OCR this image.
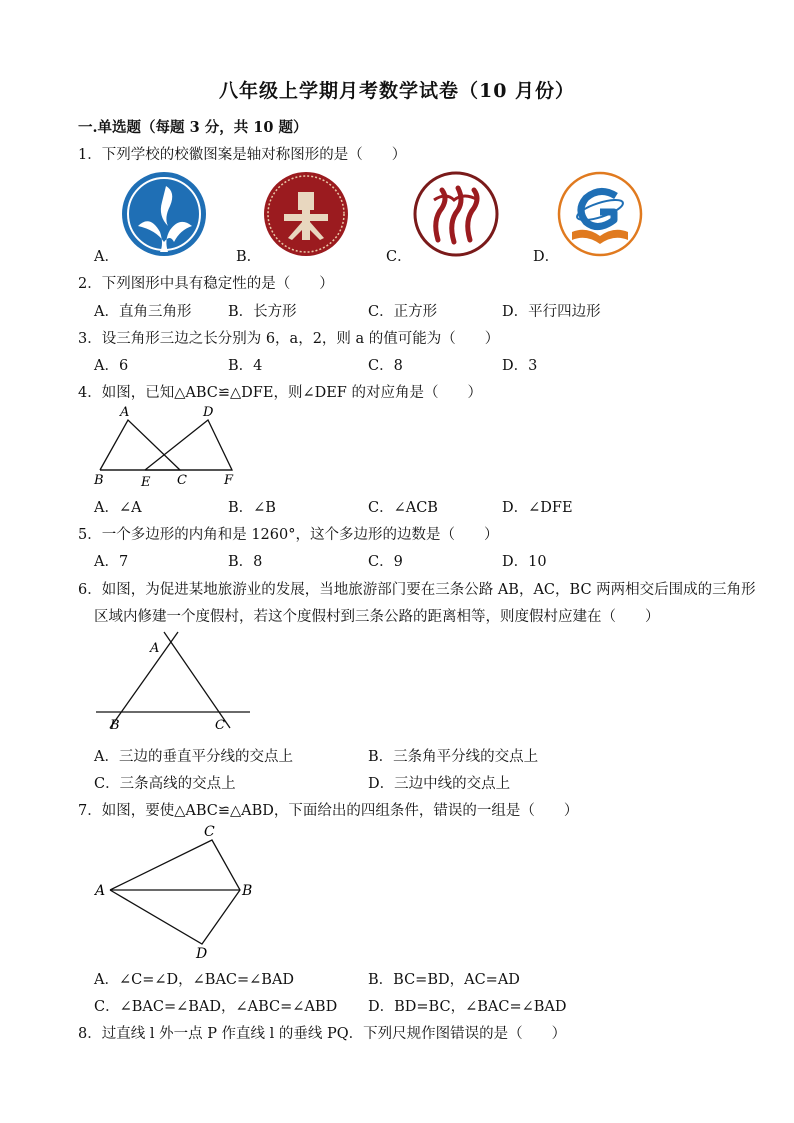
八年级上学期月考数学试卷（10 月份）
一.单选题（每题 3 分，共 10 题）
1．下列学校的校徽图案是轴对称图形的是（　　）
A．	B．	C．	D．
2．下列图形中具有稳定性的是（　　）
A．直角三角形	B．长方形	C．正方形	D．平行四边形
3．设三角形三边之长分别为 6，a，2，则 a 的值可能为（　　）
A．6	B．4	C．8	D．3
4．如图，已知△ABC≌△DFE，则∠DEF 的对应角是（　　）
A	D
B	E C	F
A．∠A	B．∠B	C．∠ACB	D．∠DFE
5．一个多边形的内角和是 1260°，这个多边形的边数是（　　）
A．7	B．8	C．9	D．10
6．如图，为促进某地旅游业的发展，当地旅游部门要在三条公路 AB，AC，BC 两两相交后围成的三角形
区域内修建一个度假村，若这个度假村到三条公路的距离相等，则度假村应建在（　　）
A
B	C
A．三边的垂直平分线的交点上	B．三条角平分线的交点上
C．三条高线的交点上	D．三边中线的交点上
7．如图，要使△ABC≌△ABD，下面给出的四组条件，错误的一组是（　　）
C
A	B
D
A．∠C=∠D，∠BAC=∠BAD	B．BC=BD，AC=AD
C．∠BAC=∠BAD，∠ABC=∠ABD D．BD=BC，∠BAC=∠BAD
8．过直线 l 外一点 P 作直线 l 的垂线 PQ．下列尺规作图错误的是（　　）
